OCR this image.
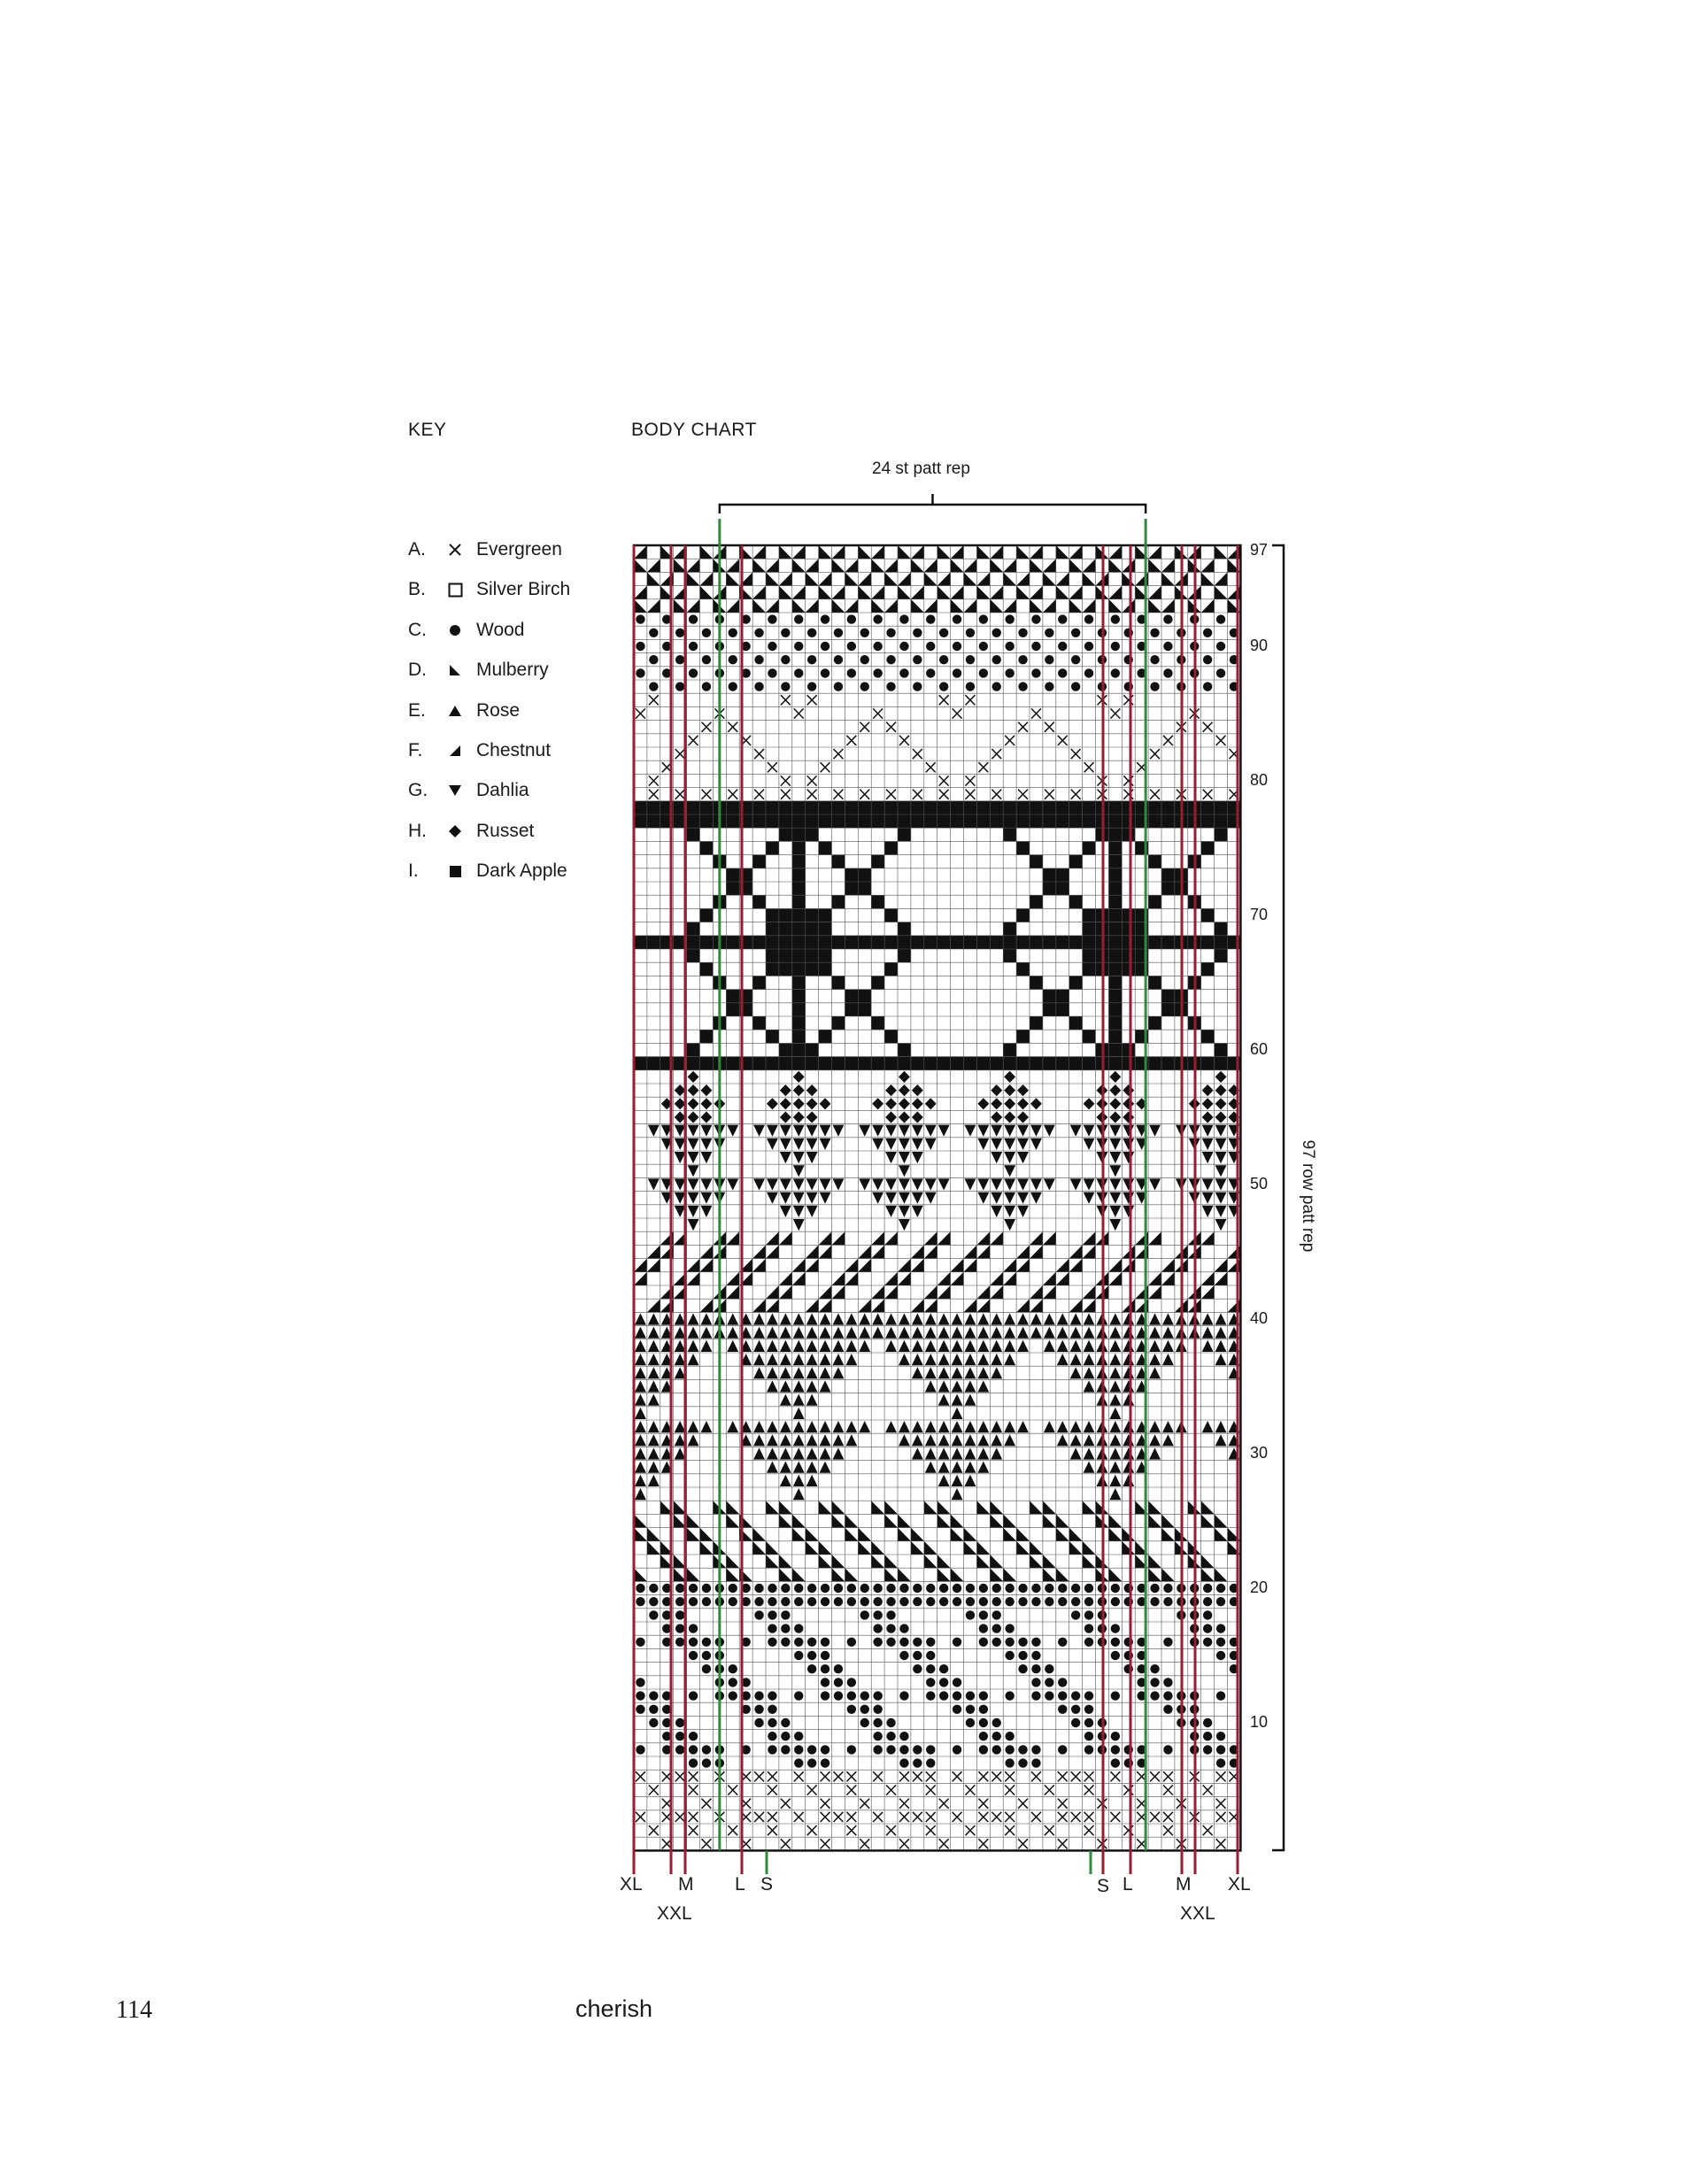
KEY	BODY CHART
24 st patt rep
A.	Evergreen
B.	Silver Birch
C.	Wood
D.	Mulberry
E.	Rose
F.	Chestnut
G.	Dahlia
H.	Russet
I.	Dark Apple
97
90
80
70
60
50
40
30
20
10
97 row patt rep
XL
XXL
M L S	S L M
XXL
XL
114	cherish
